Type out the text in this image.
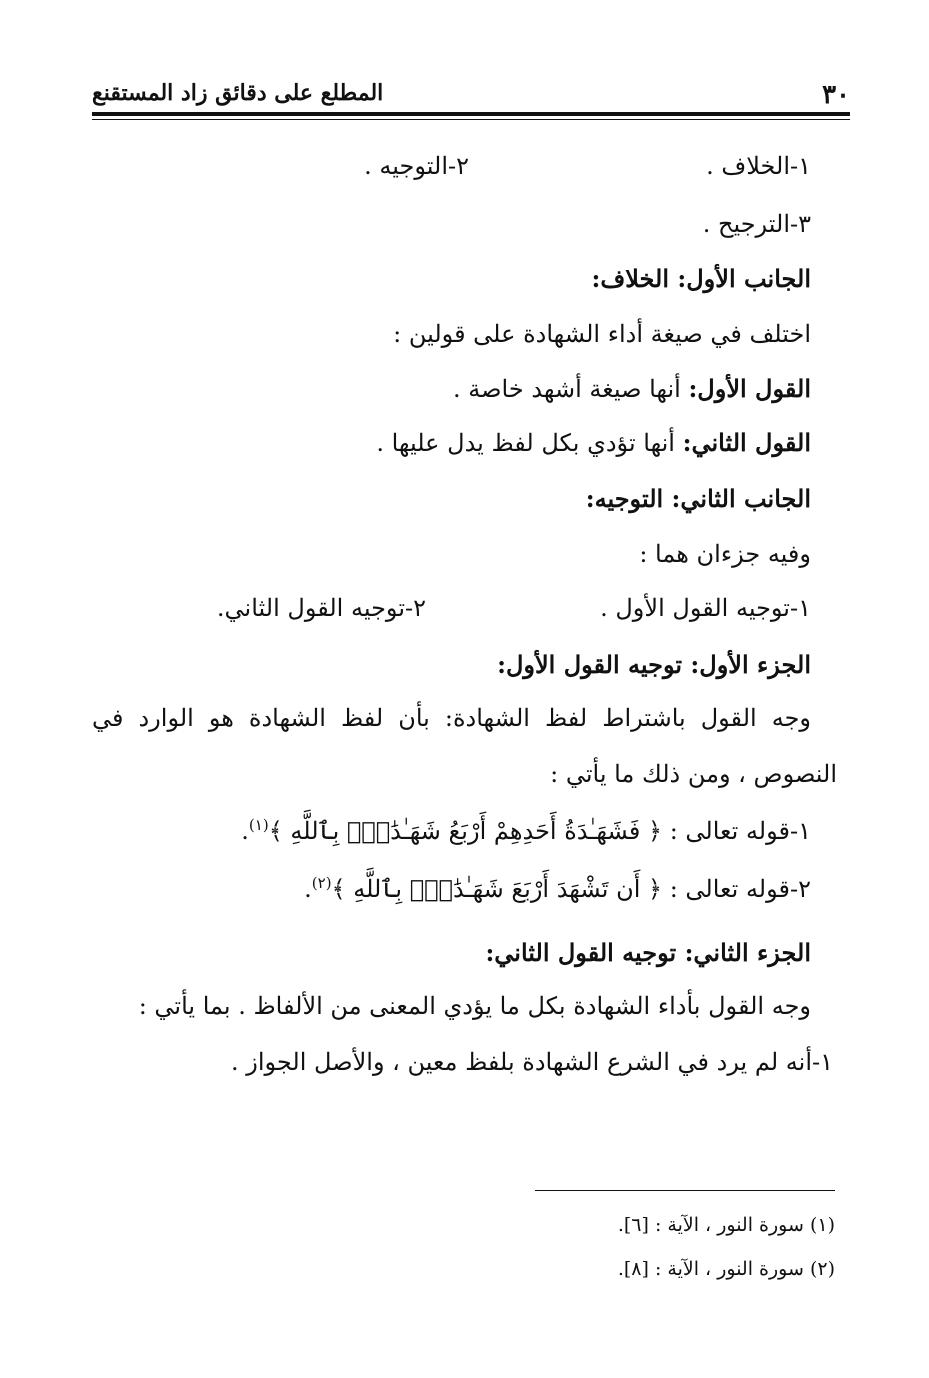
٣٠
المطلع على دقائق زاد المستقنع
١-الخلاف .
٢-التوجيه .
٣-الترجيح .
الجانب الأول: الخلاف:
اختلف في صيغة أداء الشهادة على قولين :
القول الأول: أنها صيغة أشهد خاصة .
القول الثاني: أنها تؤدي بكل لفظ يدل عليها .
الجانب الثاني: التوجيه:
وفيه جزءان هما :
١-توجيه القول الأول .
٢-توجيه القول الثاني.
الجزء الأول: توجيه القول الأول:
وجه القول باشتراط لفظ الشهادة: بأن لفظ الشهادة هو الوارد في
النصوص ، ومن ذلك ما يأتي :
١-قوله تعالى : ﴿ فَشَهَـٰدَةُ أَحَدِهِمْ أَرْبَعُ شَهَـٰدَٰتٍۭ بِٱللَّهِ ﴾$^{(١)}$.
٢-قوله تعالى : ﴿ أَن تَشْهَدَ أَرْبَعَ شَهَـٰدَٰتٍۭ بِٱللَّهِ ﴾$^{(٢)}$.
الجزء الثاني: توجيه القول الثاني:
وجه القول بأداء الشهادة بكل ما يؤدي المعنى من الألفاظ . بما يأتي :
١-أنه لم يرد في الشرع الشهادة بلفظ معين ، والأصل الجواز .
(١) سورة النور ، الآية : [٦].
(٢) سورة النور ، الآية : [٨].
